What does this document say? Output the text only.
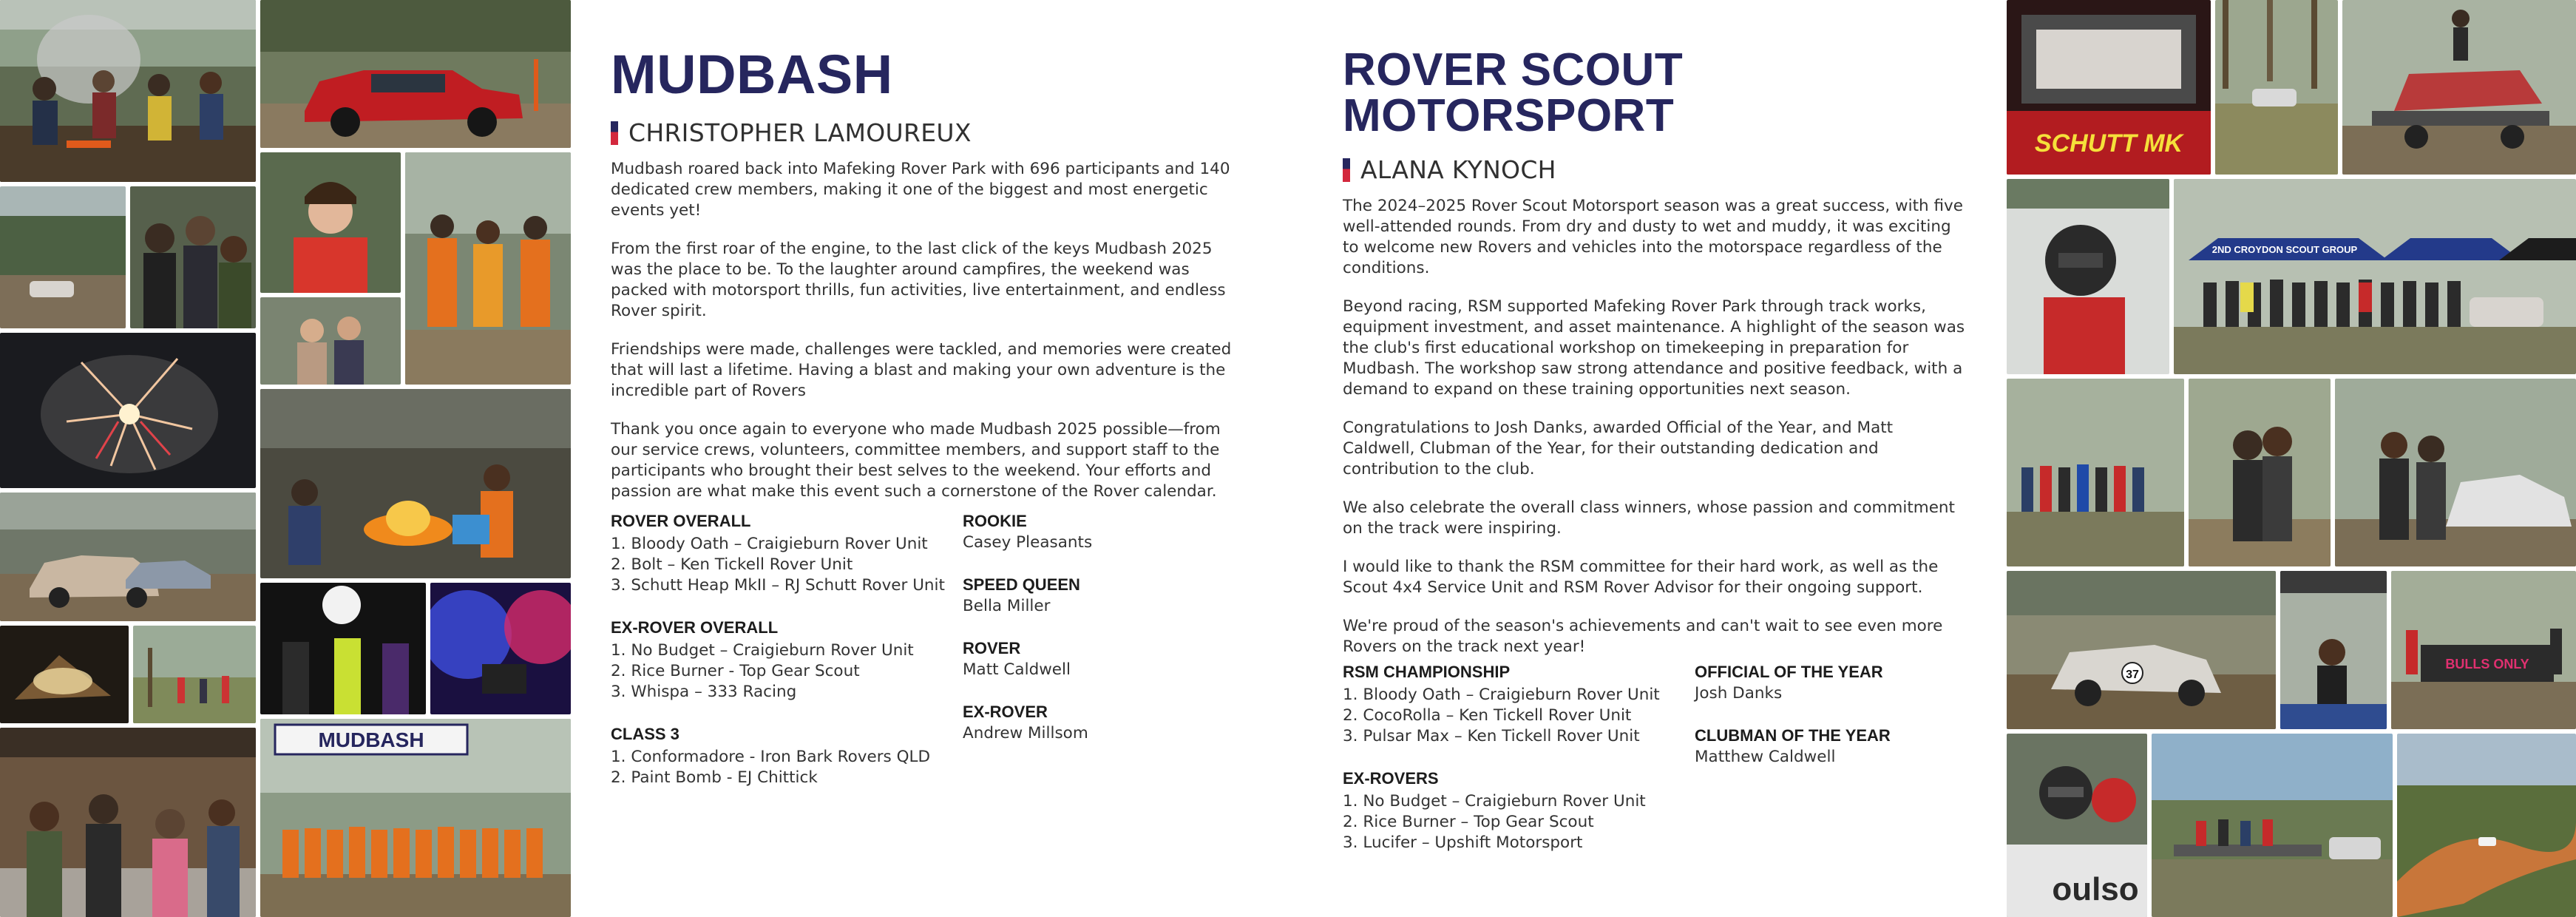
MUDBASH
MUDBASH
CHRISTOPHER LAMOUREUX

Mudbash roared back into Mafeking Rover Park with 696 participants and 140 dedicated crew members, making it one of the biggest and most energetic events yet!

From the first roar of the engine, to the last click of the keys Mudbash 2025 was the place to be. To the laughter around campfires, the weekend was packed with motorsport thrills, fun activities, live entertainment, and endless Rover spirit.

Friendships were made, challenges were tackled, and memories were created that will last a lifetime. Having a blast and making your own adventure is the incredible part of Rovers

Thank you once again to everyone who made Mudbash 2025 possible—from our service crews, volunteers, committee members, and support staff to the participants who brought their best selves to the weekend. Your efforts and passion are what make this event such a cornerstone of the Rover calendar.

ROVER OVERALL
1. Bloody Oath – Craigieburn Rover Unit
2. Bolt – Ken Tickell Rover Unit
3. Schutt Heap MkII – RJ Schutt Rover Unit
EX-ROVER OVERALL
1. No Budget – Craigieburn Rover Unit
2. Rice Burner - Top Gear Scout
3. Whispa – 333 Racing
CLASS 3
1. Conformadore - Iron Bark Rovers QLD
2. Paint Bomb - EJ Chittick
ROOKIE
Casey Pleasants
SPEED QUEEN
Bella Miller
ROVER
Matt Caldwell
EX-ROVER
Andrew Millsom
ROVER SCOUT MOTORSPORT
ALANA KYNOCH

The 2024–2025 Rover Scout Motorsport season was a great success, with five well-attended rounds. From dry and dusty to wet and muddy, it was exciting to welcome new Rovers and vehicles into the motorspace regardless of the conditions.

Beyond racing, RSM supported Mafeking Rover Park through track works, equipment investment, and asset maintenance. A highlight of the season was the club's first educational workshop on timekeeping in preparation for Mudbash. The workshop saw strong attendance and positive feedback, with a demand to expand on these training opportunities next season.

Congratulations to Josh Danks, awarded Official of the Year, and Matt Caldwell, Clubman of the Year, for their outstanding dedication and contribution to the club.

We also celebrate the overall class winners, whose passion and commitment on the track were inspiring.

I would like to thank the RSM committee for their hard work, as well as the Scout 4x4 Service Unit and RSM Rover Advisor for their ongoing support.

We're proud of the season's achievements and can't wait to see even more Rovers on the track next year!

RSM CHAMPIONSHIP
1. Bloody Oath – Craigieburn Rover Unit
2. CocoRolla – Ken Tickell Rover Unit
3. Pulsar Max – Ken Tickell Rover Unit
EX-ROVERS
1. No Budget – Craigieburn Rover Unit
2. Rice Burner – Top Gear Scout
3. Lucifer – Upshift Motorsport
OFFICIAL OF THE YEAR
Josh Danks
CLUBMAN OF THE YEAR
Matthew Caldwell
SCHUTT MK
2ND CROYDON SCOUT GROUP
37
BULLS ONLY
oulso
